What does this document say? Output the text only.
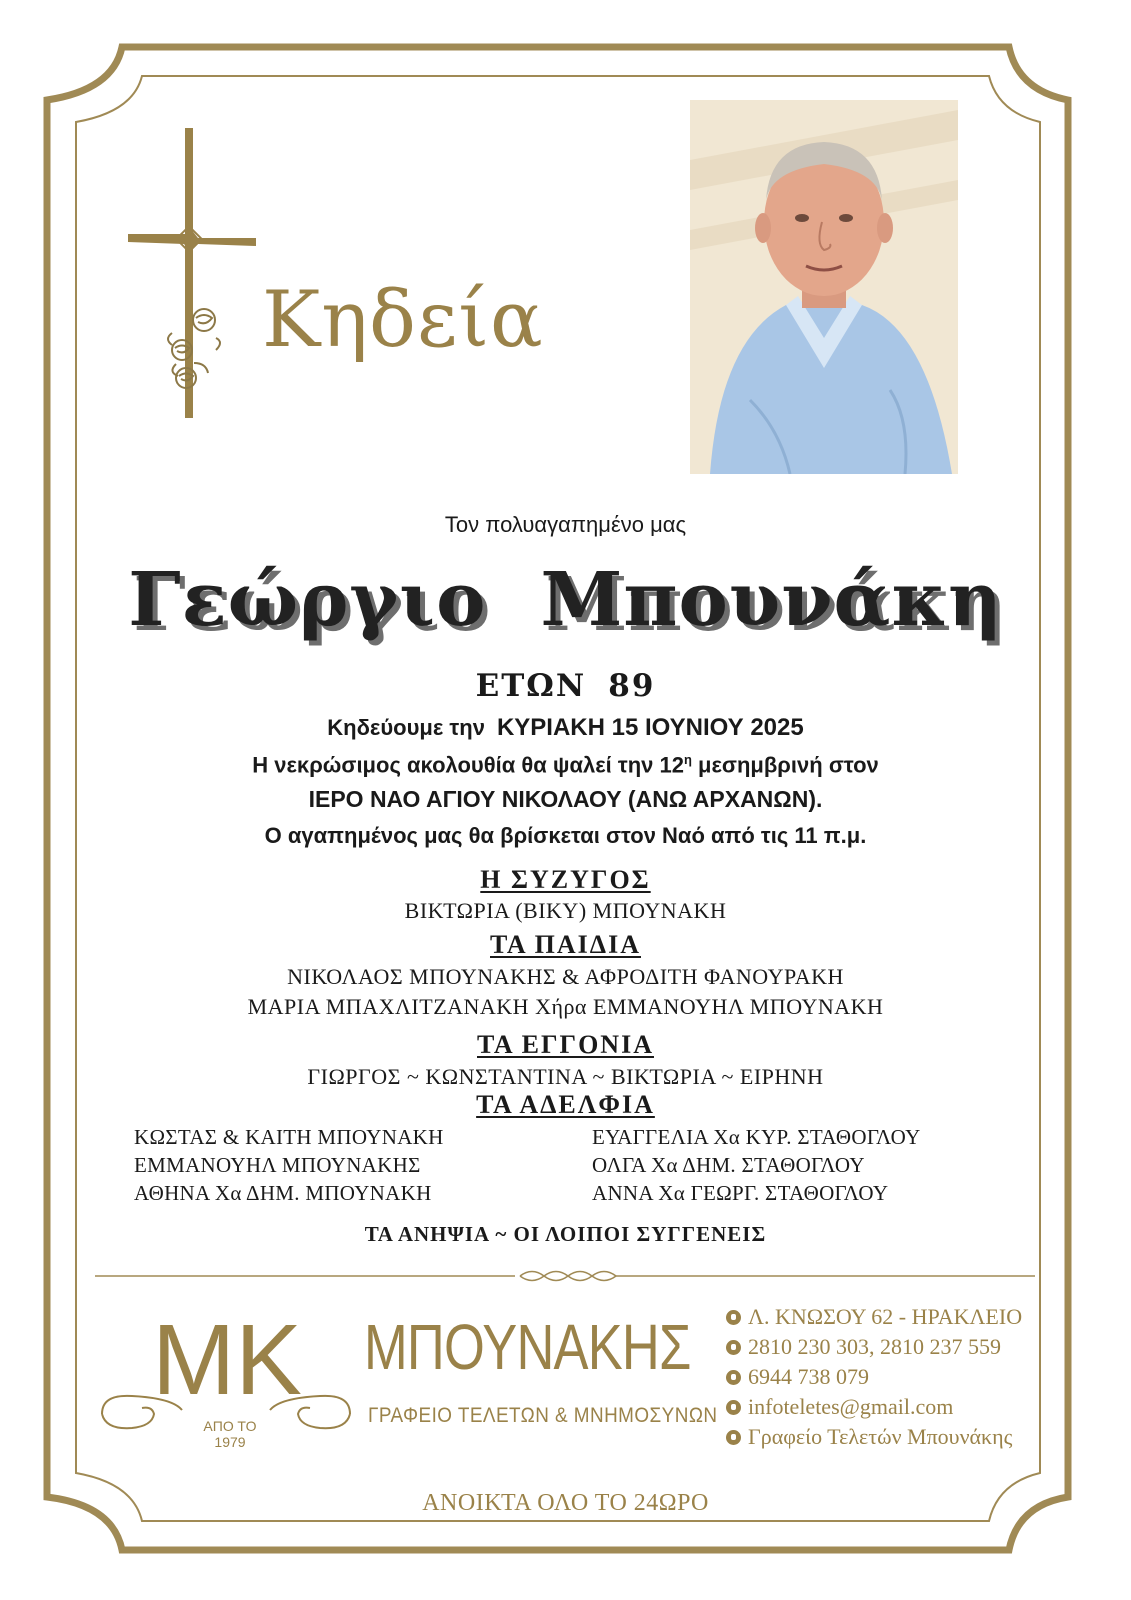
Κηδεία
Τον πολυαγαπημένο μας
Γεώργιο Μπουνάκη
ΕΤΩΝ 89
Κηδεύουμε την ΚΥΡΙΑΚΗ 15 ΙΟΥΝΙΟΥ 2025
Η νεκρώσιμος ακολουθία θα ψαλεί την $12^\eta$ μεσημβρινή στον
ΙΕΡΟ ΝΑΟ ΑΓΙΟΥ ΝΙΚΟΛΑΟΥ (ΑΝΩ ΑΡΧΑΝΩΝ).
Ο αγαπημένος μας θα βρίσκεται στον Ναό από τις 11 π.μ.
Η ΣΥΖΥΓΟΣ
ΒΙΚΤΩΡΙΑ (ΒΙΚΥ) ΜΠΟΥΝΑΚΗ
ΤΑ ΠΑΙΔΙΑ
ΝΙΚΟΛΑΟΣ ΜΠΟΥΝΑΚΗΣ & ΑΦΡΟΔΙΤΗ ΦΑΝΟΥΡΑΚΗ
ΜΑΡΙΑ ΜΠΑΧΛΙΤΖΑΝΑΚΗ Χήρα ΕΜΜΑΝΟΥΗΛ ΜΠΟΥΝΑΚΗ
ΤΑ ΕΓΓΟΝΙΑ
ΓΙΩΡΓΟΣ ~ ΚΩΝΣΤΑΝΤΙΝΑ ~ ΒΙΚΤΩΡΙΑ ~ ΕΙΡΗΝΗ
ΤΑ ΑΔΕΛΦΙΑ
ΚΩΣΤΑΣ & ΚΑΙΤΗ ΜΠΟΥΝΑΚΗ
ΕΜΜΑΝΟΥΗΛ ΜΠΟΥΝΑΚΗΣ
ΑΘΗΝΑ Χα ΔΗΜ. ΜΠΟΥΝΑΚΗ
ΕΥΑΓΓΕΛΙΑ Χα ΚΥΡ. ΣΤΑΘΟΓΛΟΥ
ΟΛΓΑ Χα ΔΗΜ. ΣΤΑΘΟΓΛΟΥ
ΑΝΝΑ Χα ΓΕΩΡΓ. ΣΤΑΘΟΓΛΟΥ
ΤΑ ΑΝΗΨΙΑ ~ ΟΙ ΛΟΙΠΟΙ ΣΥΓΓΕΝΕΙΣ
MK
ΑΠΟ ΤΟ 1979
ΜΠΟΥΝΑΚΗΣ
ΓΡΑΦΕΙΟ ΤΕΛΕΤΩΝ & ΜΝΗΜΟΣΥΝΩΝ
Λ. ΚΝΩΣΟΥ 62 - ΗΡΑΚΛΕΙΟ
2810 230 303, 2810 237 559
6944 738 079
infoteletes@gmail.com
Γραφείο Τελετών Μπουνάκης
ΑΝΟΙΚΤΑ ΟΛΟ ΤΟ 24ΩΡΟ
